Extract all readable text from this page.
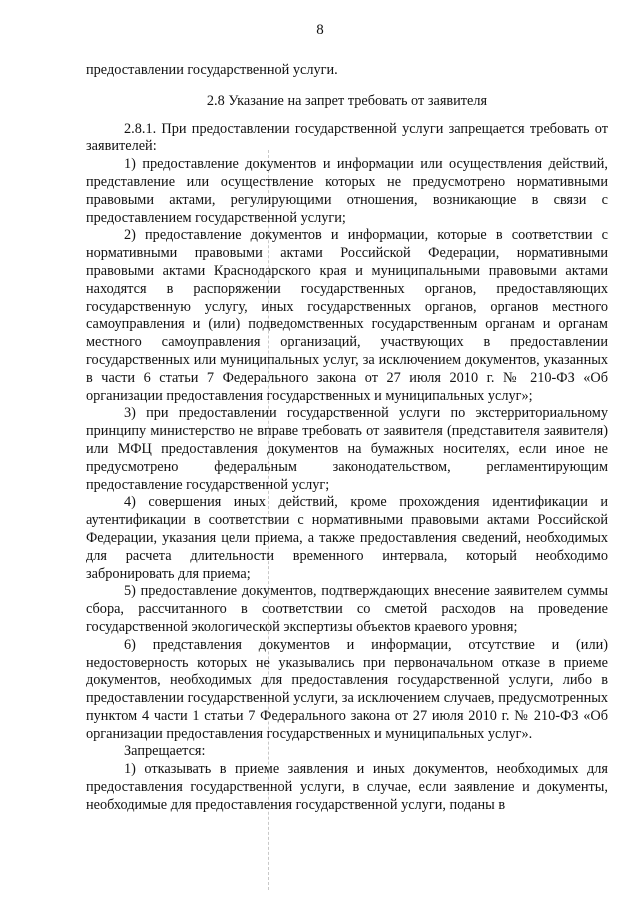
8

предоставлении государственной услуги.

2.8 Указание на запрет требовать от заявителя

2.8.1. При предоставлении государственной услуги запрещается требовать от заявителей:

1) предоставление документов и информации или осуществления действий, представление или осуществление которых не предусмотрено нормативными правовыми актами, регулирующими отношения, возникающие в связи с предоставлением государственной услуги;

2) предоставление документов и информации, которые в соответствии с нормативными правовыми актами Российской Федерации, нормативными правовыми актами Краснодарского края и муниципальными правовыми актами находятся в распоряжении государственных органов, предоставляющих государственную услугу, иных государственных органов, органов местного самоуправления и (или) подведомственных государственным органам и органам местного самоуправления организаций, участвующих в предоставлении государственных или муниципальных услуг, за исключением документов, указанных в части 6 статьи 7 Федерального закона от 27 июля 2010 г. № 210-ФЗ «Об организации предоставления государственных и муниципальных услуг»;

3) при предоставлении государственной услуги по экстерриториальному принципу министерство не вправе требовать от заявителя (представителя заявителя) или МФЦ предоставления документов на бумажных носителях, если иное не предусмотрено федеральным законодательством, регламентирующим предоставление государственной услуг;

4) совершения иных действий, кроме прохождения идентификации и аутентификации в соответствии с нормативными правовыми актами Российской Федерации, указания цели приема, а также предоставления сведений, необходимых для расчета длительности временного интервала, который необходимо забронировать для приема;

5) предоставление документов, подтверждающих внесение заявителем суммы сбора, рассчитанного в соответствии со сметой расходов на проведение государственной экологической экспертизы объектов краевого уровня;

6) представления документов и информации, отсутствие и (или) недостоверность которых не указывались при первоначальном отказе в приеме документов, необходимых для предоставления государственной услуги, либо в предоставлении государственной услуги, за исключением случаев, предусмотренных пунктом 4 части 1 статьи 7 Федерального закона от 27 июля 2010 г. № 210-ФЗ «Об организации предоставления государственных и муниципальных услуг».

Запрещается:

1) отказывать в приеме заявления и иных документов, необходимых для предоставления государственной услуги, в случае, если заявление и документы, необходимые для предоставления государственной услуги, поданы в
